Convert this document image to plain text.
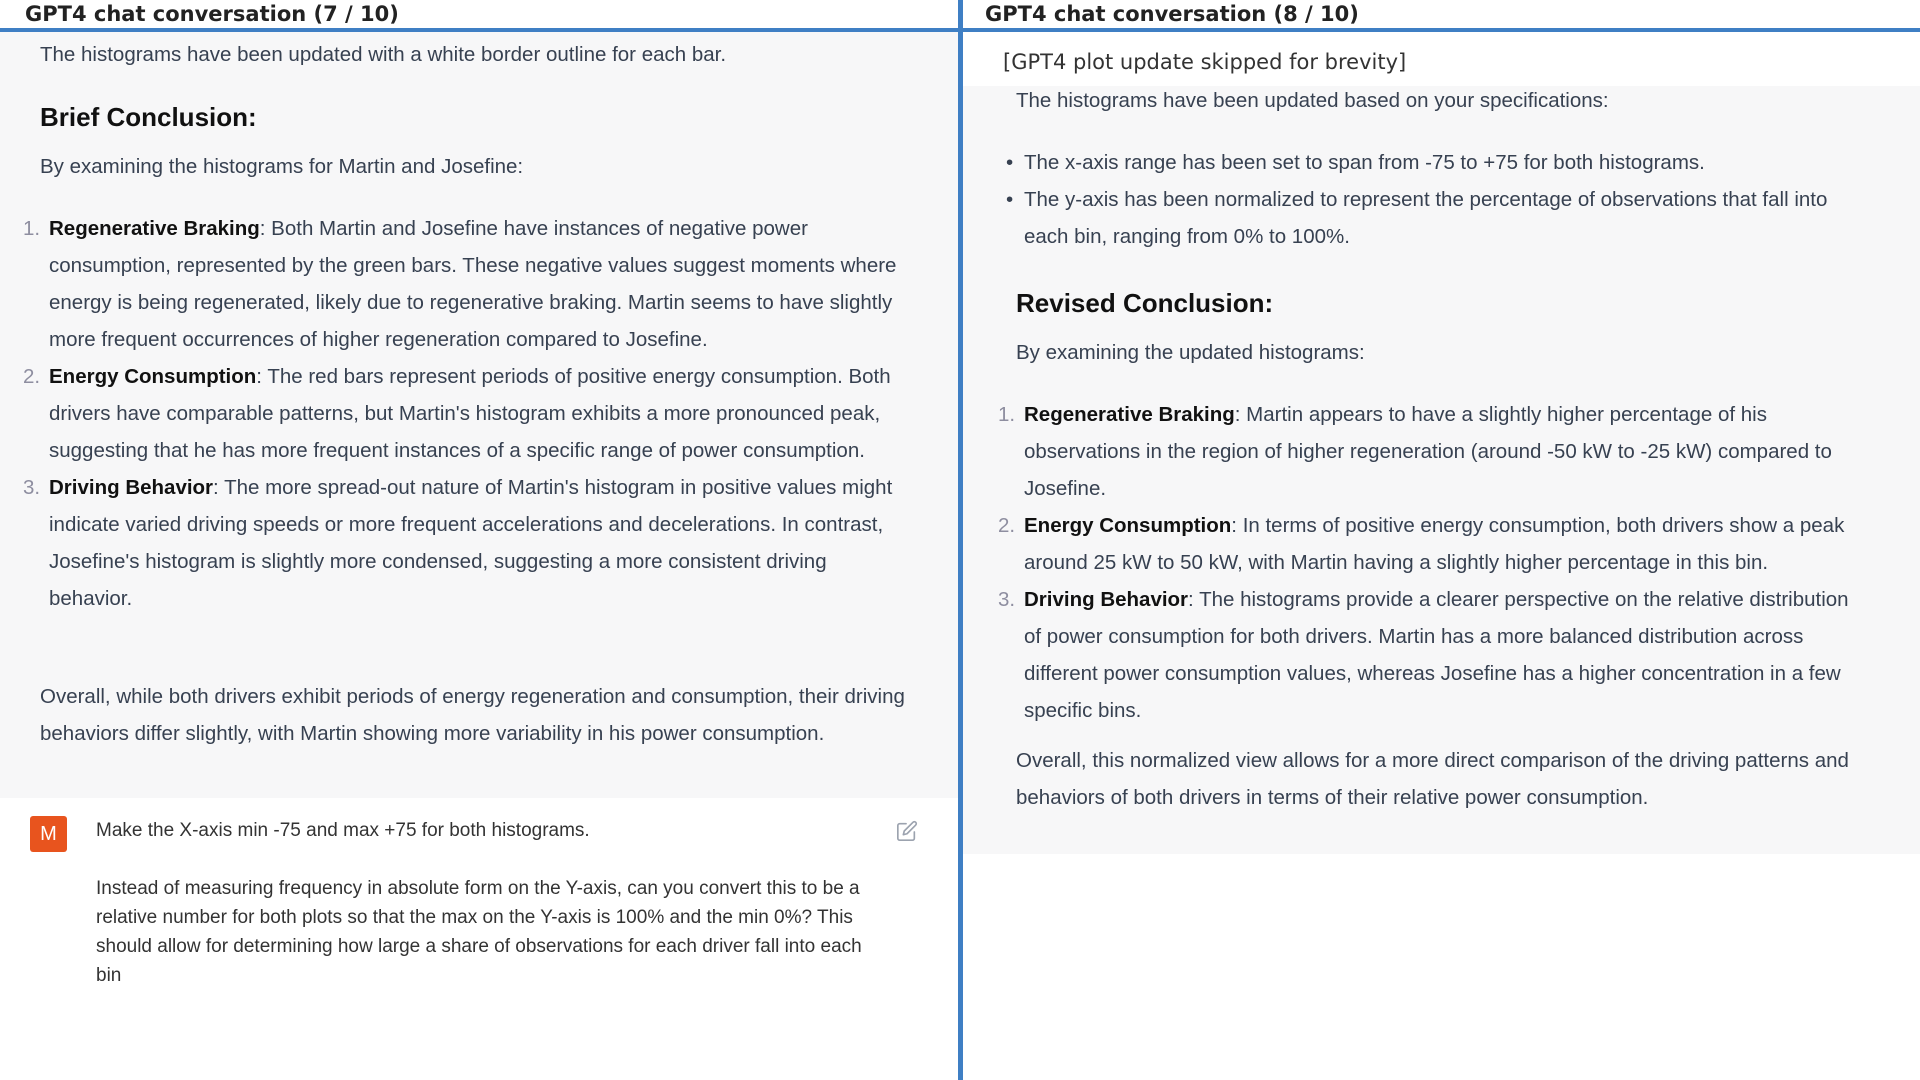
GPT4 chat conversation (7 / 10)
The histograms have been updated with a white border outline for each bar.
Brief Conclusion:
By examining the histograms for Martin and Josefine:
1. Regenerative Braking: Both Martin and Josefine have instances of negative power consumption, represented by the green bars. These negative values suggest moments where energy is being regenerated, likely due to regenerative braking. Martin seems to have slightly more frequent occurrences of higher regeneration compared to Josefine.
2. Energy Consumption: The red bars represent periods of positive energy consumption. Both drivers have comparable patterns, but Martin's histogram exhibits a more pronounced peak, suggesting that he has more frequent instances of a specific range of power consumption.
3. Driving Behavior: The more spread-out nature of Martin's histogram in positive values might indicate varied driving speeds or more frequent accelerations and decelerations. In contrast, Josefine's histogram is slightly more condensed, suggesting a more consistent driving behavior.
Overall, while both drivers exhibit periods of energy regeneration and consumption, their driving behaviors differ slightly, with Martin showing more variability in his power consumption.
M	Make the X-axis min -75 and max +75 for both histograms.
Instead of measuring frequency in absolute form on the Y-axis, can you convert this to be a relative number for both plots so that the max on the Y-axis is 100% and the min 0%? This should allow for determining how large a share of observations for each driver fall into each bin
GPT4 chat conversation (8 / 10)
[GPT4 plot update skipped for brevity]
The histograms have been updated based on your specifications:
• The x-axis range has been set to span from -75 to +75 for both histograms.
• The y-axis has been normalized to represent the percentage of observations that fall into each bin, ranging from 0% to 100%.
Revised Conclusion:
By examining the updated histograms:
1. Regenerative Braking: Martin appears to have a slightly higher percentage of his observations in the region of higher regeneration (around -50 kW to -25 kW) compared to Josefine.
2. Energy Consumption: In terms of positive energy consumption, both drivers show a peak around 25 kW to 50 kW, with Martin having a slightly higher percentage in this bin.
3. Driving Behavior: The histograms provide a clearer perspective on the relative distribution of power consumption for both drivers. Martin has a more balanced distribution across different power consumption values, whereas Josefine has a higher concentration in a few specific bins.
Overall, this normalized view allows for a more direct comparison of the driving patterns and behaviors of both drivers in terms of their relative power consumption.
